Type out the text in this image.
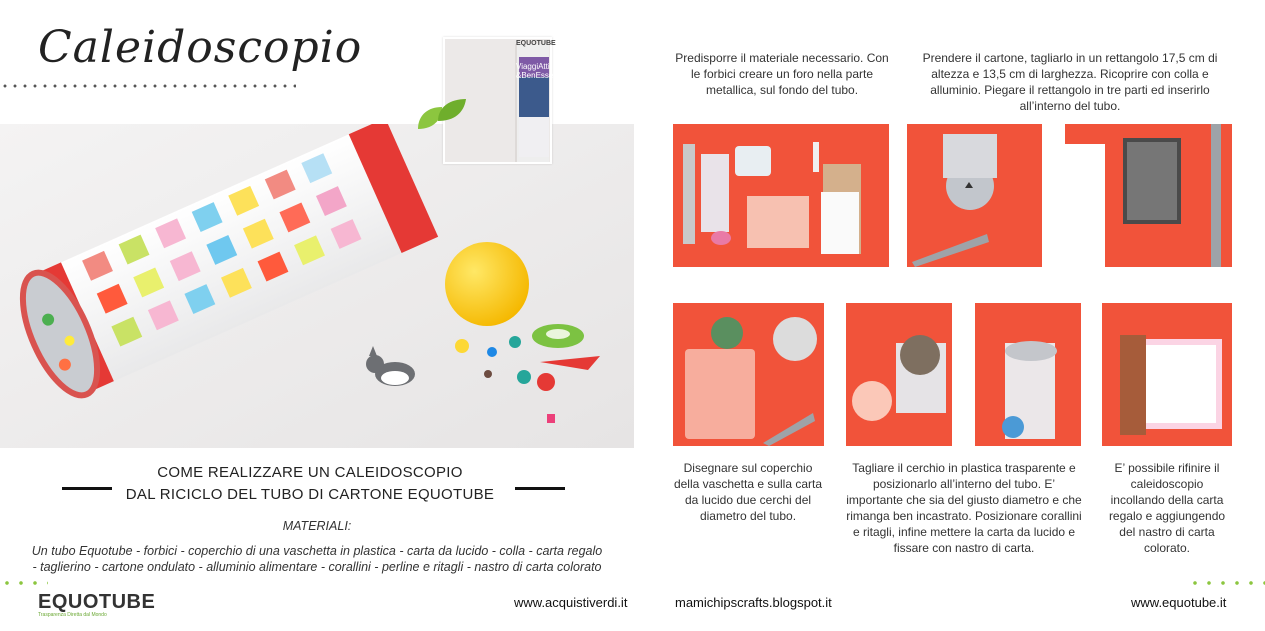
Caleidoscopio	EQUOTUBE
ViaggiAtti &BenEssere
COME REALIZZARE UN CALEIDOSCOPIO
DAL RICICLO DEL TUBO DI CARTONE EQUOTUBE
MATERIALI:
Un tubo Equotube - forbici - coperchio di una vaschetta in plastica - carta da lucido - colla - carta regalo - taglierino - cartone ondulato - alluminio alimentare - corallini - perline e ritagli - nastro di carta colorato
EQUOTUBE
Trasparenza Diretta dal Mondo
www.acquistiverdi.it
Predisporre il materiale necessario. Con le forbici creare un foro nella parte metallica, sul fondo del tubo.
Prendere il cartone, tagliarlo in un rettangolo 17,5 cm di altezza e 13,5 cm di larghezza. Ricoprire con colla e alluminio. Piegare il rettangolo in tre parti ed inserirlo all’interno del tubo.
Disegnare sul coperchio della vaschetta e sulla carta da lucido due cerchi del diametro del tubo.
Tagliare il cerchio in plastica trasparente e posizionarlo all’interno del tubo. E’ importante che sia del giusto diametro e che rimanga ben incastrato. Posizionare corallini e ritagli, infine mettere la carta da lucido e fissare con nastro di carta.
E’ possibile rifinire il caleidoscopio incollando della carta regalo e aggiungendo del nastro di carta colorato.
mamichipscrafts.blogspot.it	www.equotube.it
